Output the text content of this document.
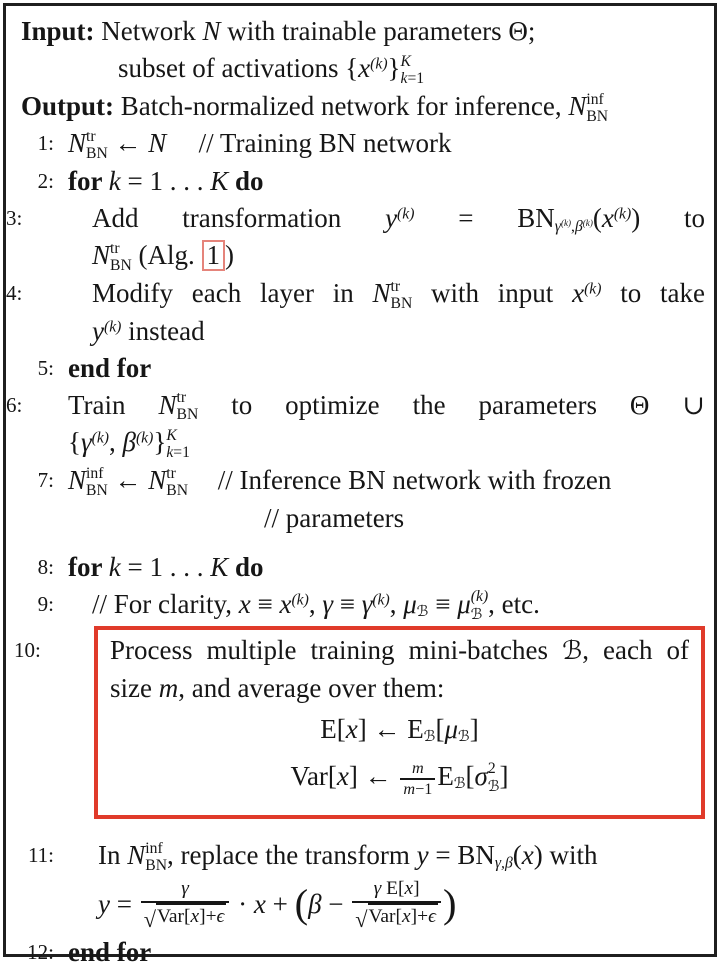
Input: Network N with trainable parameters Θ;
subset of activations $\{x^{(k)}\}$ K
k=1
Output: Batch-normalized network for inference, N inf
BN
1: N tr
BN ← N // Training BN network
2: for k = 1 . . . K do
3:	Add transformation $y^{(k)} = BN\gamma^{(k)},\beta^{(k)}(x^{(k)})$ to
N tr
BN (Alg. 1 )
4:	Modify each layer in N tr
BN with input $x^{(k)}$ to take
$y^{(k)}$ instead
5: end for
6:	Train N tr
BN to optimize the parameters Θ ∪
{$\gamma^{(k)}$, $\beta^{(k)}$} K
k=1
7: N inf
BN ← N tr
BN // Inference BN network with frozen
// parameters
8: for k = 1 . . . K do
9: // For clarity, $x \equiv x^{(k)}$, $\gamma \equiv \gamma^{(k)}$, μℬ ≡ μ (k)
ℬ , etc.
10:	Process multiple training mini-batches ℬ, each of
size m, and average over them:
E[x] ← Eℬ[μℬ]
Var[x] ← $\frac{m}{m-1}$ Eℬ[σ 2
ℬ ]
11: In N inf
BN , replace the transform y = BNγ,β(x) with
$y = \frac{\gamma}{\text{√ Var[x]+ϵ}} \cdot x + (\beta - \frac{\text{γ E[x]}}{\text{√ Var[x]+ϵ}}$ )
12: end for
